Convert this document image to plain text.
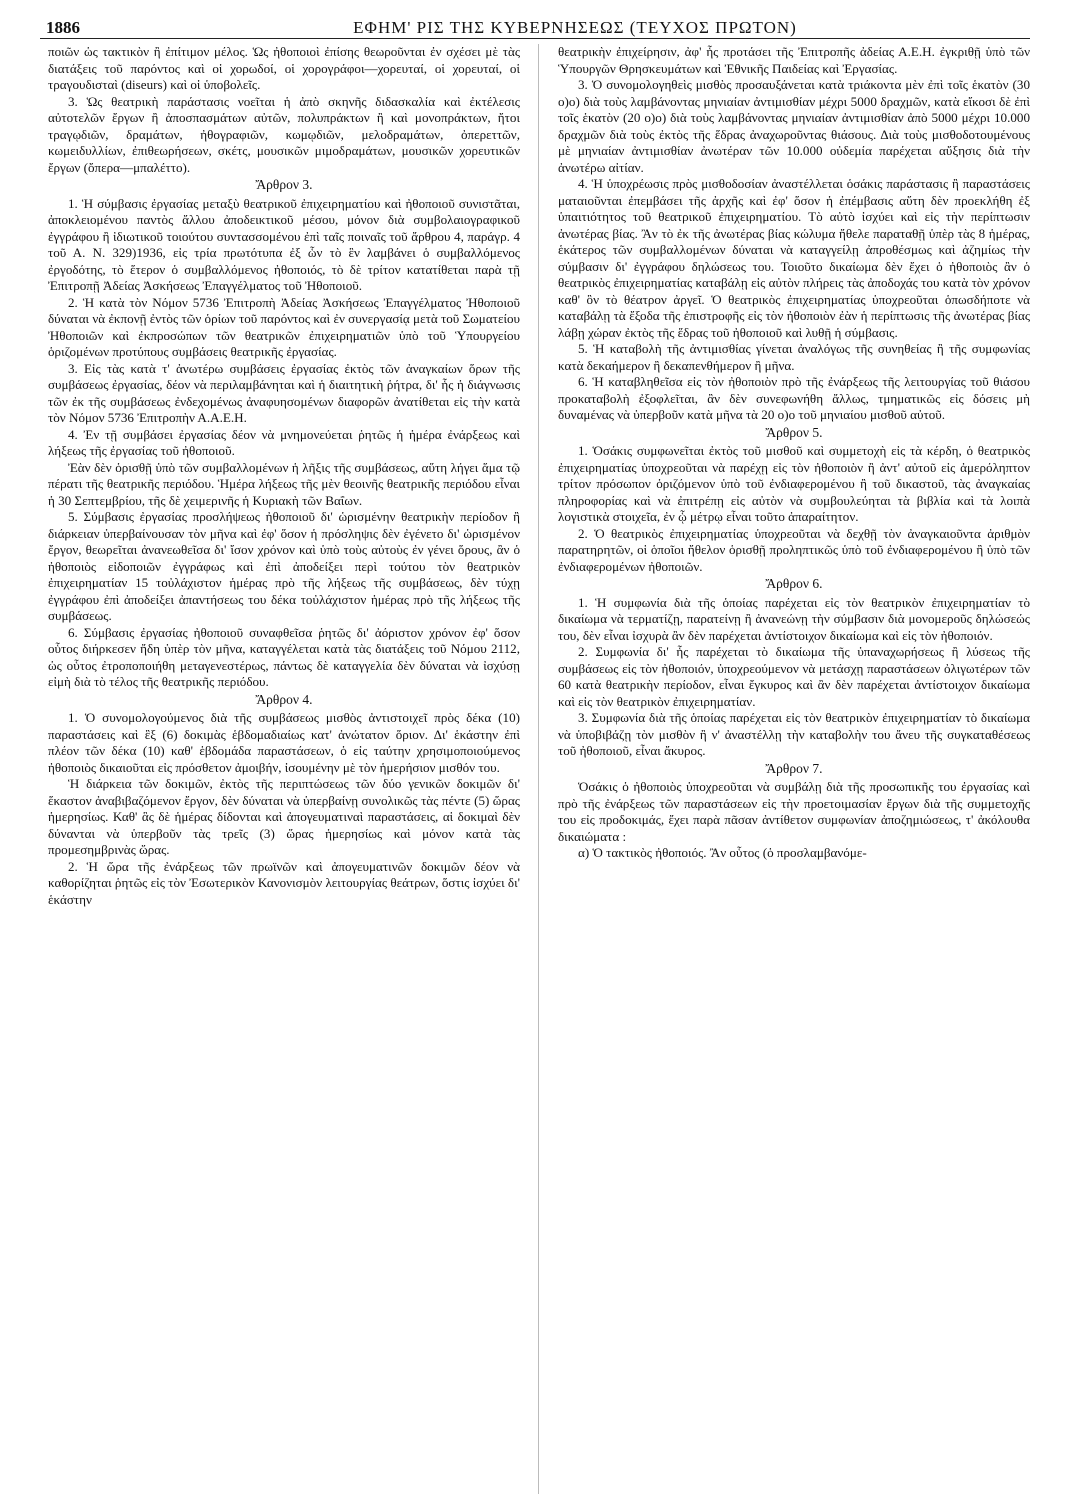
1886	ΕΦΗΜ' ΡΙΣ ΤΗΣ ΚΥΒΕΡΝΗΣΕΩΣ (ΤΕΥΧΟΣ ΠΡΩΤΟΝ)

ποιῶν ὡς τακτικὸν ἢ ἐπίτιμον μέλος. Ὡς ἠθοποιοὶ ἐπίσης θεωροῦνται ἐν σχέσει μὲ τὰς διατάξεις τοῦ παρόντος καὶ οἱ χορωδοί, οἱ χορογράφοι—χορευταί, οἱ χορευταί, οἱ τραγουδισταὶ (diseurs) καὶ οἱ ὑποβολεῖς.

3. Ὡς θεατρικὴ παράστασις νοεῖται ἡ ἀπὸ σκηνῆς διδασκαλία καὶ ἐκτέλεσις αὐτοτελῶν ἔργων ἢ ἀποσπασμάτων αὐτῶν, πολυπράκτων ἢ καὶ μονοπράκτων, ἤτοι τραγῳδιῶν, δραμάτων, ἠθογραφιῶν, κωμῳδιῶν, μελοδραμάτων, ὀπερεττῶν, κωμειδυλλίων, ἐπιθεωρήσεων, σκέτς, μουσικῶν μιμοδραμάτων, μουσικῶν χορευτικῶν ἔργων (ὄπερα—μπαλέττο).

Ἄρθρον 3.

1. Ἡ σύμβασις ἐργασίας μεταξὺ θεατρικοῦ ἐπιχειρηματίου καὶ ἠθοποιοῦ συνιστᾶται, ἀποκλειομένου παντὸς ἄλλου ἀποδεικτικοῦ μέσου, μόνον διὰ συμβολαιογραφικοῦ ἐγγράφου ἢ ἰδιωτικοῦ τοιούτου συντασσομένου ἐπὶ ταῖς ποιναῖς τοῦ ἄρθρου 4, παράγρ. 4 τοῦ Α. Ν. 329)1936, εἰς τρία πρωτότυπα ἐξ ὧν τὸ ἓν λαμβάνει ὁ συμβαλλόμενος ἐργοδότης, τὸ ἕτερον ὁ συμβαλλόμενος ἠθοποιός, τὸ δὲ τρίτον κατατίθεται παρὰ τῇ Ἐπιτροπῇ Ἀδείας Ἀσκήσεως Ἐπαγγέλματος τοῦ Ἠθοποιοῦ.

2. Ἡ κατὰ τὸν Νόμον 5736 Ἐπιτροπὴ Ἀδείας Ἀσκήσεως Ἐπαγγέλματος Ἠθοποιοῦ δύναται νὰ ἐκπονῇ ἐντὸς τῶν ὁρίων τοῦ παρόντος καὶ ἐν συνεργασίᾳ μετὰ τοῦ Σωματείου Ἠθοποιῶν καὶ ἐκπροσώπων τῶν θεατρικῶν ἐπιχειρηματιῶν ὑπὸ τοῦ Ὑπουργείου ὁριζομένων προτύπους συμβάσεις θεατρικῆς ἐργασίας.

3. Εἰς τὰς κατὰ τ' ἀνωτέρω συμβάσεις ἐργασίας ἐκτὸς τῶν ἀναγκαίων ὅρων τῆς συμβάσεως ἐργασίας, δέον νὰ περιλαμβάνηται καὶ ἡ διαιτητικὴ ῥήτρα, δι' ἧς ἡ διάγνωσις τῶν ἐκ τῆς συμβάσεως ἐνδεχομένως ἀναφυησομένων διαφορῶν ἀνατίθεται εἰς τὴν κατὰ τὸν Νόμον 5736 Ἐπιτροπὴν Α.Α.Ε.Η.

4. Ἐν τῇ συμβάσει ἐργασίας δέον νὰ μνημονεύεται ῥητῶς ἡ ἡμέρα ἐνάρξεως καὶ λήξεως τῆς ἐργασίας τοῦ ἠθοποιοῦ.

Ἐὰν δὲν ὁρισθῇ ὑπὸ τῶν συμβαλλομένων ἡ λῆξις τῆς συμβάσεως, αὕτη λήγει ἅμα τῷ πέρατι τῆς θεατρικῆς περιόδου. Ἡμέρα λήξεως τῆς μὲν θεοινῆς θεατρικῆς περιόδου εἶναι ἡ 30 Σεπτεμβρίου, τῆς δὲ χειμερινῆς ἡ Κυριακὴ τῶν Βαΐων.

5. Σύμβασις ἐργασίας προσλήψεως ἠθοποιοῦ δι' ὡρισμένην θεατρικὴν περίοδον ἢ διάρκειαν ὑπερβαίνουσαν τὸν μῆνα καὶ ἐφ' ὅσον ἡ πρόσληψις δὲν ἐγένετο δι' ὡρισμένον ἔργον, θεωρεῖται ἀνανεωθεῖσα δι' ἴσον χρόνον καὶ ὑπὸ τοὺς αὐτοὺς ἐν γένει ὅρους, ἂν ὁ ἠθοποιὸς εἰδοποιῶν ἐγγράφως καὶ ἐπὶ ἀποδείξει περὶ τούτου τὸν θεατρικὸν ἐπιχειρηματίαν 15 τοὐλάχιστον ἡμέρας πρὸ τῆς λήξεως τῆς συμβάσεως, δὲν τύχῃ ἐγγράφου ἐπὶ ἀποδείξει ἀπαντήσεως του δέκα τοὐλάχιστον ἡμέρας πρὸ τῆς λήξεως τῆς συμβάσεως.

6. Σύμβασις ἐργασίας ἠθοποιοῦ συναφθεῖσα ῥητῶς δι' ἀόριστον χρόνον ἐφ' ὅσον οὗτος διήρκεσεν ἤδη ὑπὲρ τὸν μῆνα, καταγγέλεται κατὰ τὰς διατάξεις τοῦ Νόμου 2112, ὡς οὗτος ἐτροποποιήθη μεταγενεστέρως, πάντως δὲ καταγγελία δὲν δύναται νὰ ἰσχύσῃ εἰμὴ διὰ τὸ τέλος τῆς θεατρικῆς περιόδου.

Ἄρθρον 4.

1. Ὁ συνομολογούμενος διὰ τῆς συμβάσεως μισθὸς ἀντιστοιχεῖ πρὸς δέκα (10) παραστάσεις καὶ ἓξ (6) δοκιμὰς ἑβδομαδιαίως κατ' ἀνώτατον ὅριον. Δι' ἑκάστην ἐπὶ πλέον τῶν δέκα (10) καθ' ἑβδομάδα παραστάσεων, ὁ εἰς ταύτην χρησιμοποιούμενος ἠθοποιὸς δικαιοῦται εἰς πρόσθετον ἀμοιβήν, ἰσουμένην μὲ τὸν ἡμερήσιον μισθόν του.

Ἡ διάρκεια τῶν δοκιμῶν, ἐκτὸς τῆς περιπτώσεως τῶν δύο γενικῶν δοκιμῶν δι' ἕκαστον ἀναβιβαζόμενον ἔργον, δὲν δύναται νὰ ὑπερβαίνῃ συνολικῶς τὰς πέντε (5) ὥρας ἡμερησίως. Καθ' ἃς δὲ ἡμέρας δίδονται καὶ ἀπογευματιναὶ παραστάσεις, αἱ δοκιμαὶ δὲν δύνανται νὰ ὑπερβοῦν τὰς τρεῖς (3) ὥρας ἡμερησίως καὶ μόνον κατὰ τὰς προμεσημβρινὰς ὥρας.

2. Ἡ ὥρα τῆς ἐνάρξεως τῶν πρωϊνῶν καὶ ἀπογευματινῶν δοκιμῶν δέον νὰ καθορίζηται ῥητῶς εἰς τὸν Ἐσωτερικὸν Κανονισμὸν λειτουργίας θεάτρων, ὅστις ἰσχύει δι' ἑκάστην

θεατρικὴν ἐπιχείρησιν, ἀφ' ἧς προτάσει τῆς Ἐπιτροπῆς ἀδείας Α.Ε.Η. ἐγκριθῇ ὑπὸ τῶν Ὑπουργῶν Θρησκευμάτων καὶ Ἐθνικῆς Παιδείας καὶ Ἐργασίας.

3. Ὁ συνομολογηθεὶς μισθὸς προσαυξάνεται κατὰ τριάκοντα μὲν ἐπὶ τοῖς ἑκατὸν (30 ο)ο) διὰ τοὺς λαμβάνοντας μηνιαίαν ἀντιμισθίαν μέχρι 5000 δραχμῶν, κατὰ εἴκοσι δὲ ἐπὶ τοῖς ἑκατὸν (20 ο)ο) διὰ τοὺς λαμβάνοντας μηνιαίαν ἀντιμισθίαν ἀπὸ 5000 μέχρι 10.000 δραχμῶν διὰ τοὺς ἐκτὸς τῆς ἕδρας ἀναχωροῦντας θιάσους. Διὰ τοὺς μισθοδοτουμένους μὲ μηνιαίαν ἀντιμισθίαν ἀνωτέραν τῶν 10.000 οὐδεμία παρέχεται αὔξησις διὰ τὴν ἀνωτέρω αἰτίαν.

4. Ἡ ὑποχρέωσις πρὸς μισθοδοσίαν ἀναστέλλεται ὁσάκις παράστασις ἢ παραστάσεις ματαιοῦνται ἐπεμβάσει τῆς ἀρχῆς καὶ ἐφ' ὅσον ἡ ἐπέμβασις αὕτη δὲν προεκλήθη ἐξ ὑπαιτιότητος τοῦ θεατρικοῦ ἐπιχειρηματίου. Τὸ αὐτὸ ἰσχύει καὶ εἰς τὴν περίπτωσιν ἀνωτέρας βίας. Ἂν τὸ ἐκ τῆς ἀνωτέρας βίας κώλυμα ἤθελε παραταθῇ ὑπὲρ τὰς 8 ἡμέρας, ἑκάτερος τῶν συμβαλλομένων δύναται νὰ καταγγείλῃ ἀπροθέσμως καὶ ἀζημίως τὴν σύμβασιν δι' ἐγγράφου δηλώσεως του. Τοιοῦτο δικαίωμα δὲν ἔχει ὁ ἠθοποιὸς ἂν ὁ θεατρικὸς ἐπιχειρηματίας καταβάλῃ εἰς αὐτὸν πλήρεις τὰς ἀποδοχάς του κατὰ τὸν χρόνον καθ' ὃν τὸ θέατρον ἀργεῖ. Ὁ θεατρικὸς ἐπιχειρηματίας ὑποχρεοῦται ὁπωσδήποτε νὰ καταβάλῃ τὰ ἔξοδα τῆς ἐπιστροφῆς εἰς τὸν ἠθοποιὸν ἐὰν ἡ περίπτωσις τῆς ἀνωτέρας βίας λάβῃ χώραν ἐκτὸς τῆς ἕδρας τοῦ ἠθοποιοῦ καὶ λυθῇ ἡ σύμβασις.

5. Ἡ καταβολὴ τῆς ἀντιμισθίας γίνεται ἀναλόγως τῆς συνηθείας ἢ τῆς συμφωνίας κατὰ δεκαήμερον ἢ δεκαπενθήμερον ἢ μῆνα.

6. Ἡ καταβληθεῖσα εἰς τὸν ἠθοποιὸν πρὸ τῆς ἐνάρξεως τῆς λειτουργίας τοῦ θιάσου προκαταβολὴ ἐξοφλεῖται, ἂν δὲν συνεφωνήθη ἄλλως, τμηματικῶς εἰς δόσεις μὴ δυναμένας νὰ ὑπερβοῦν κατὰ μῆνα τὰ 20 ο)ο τοῦ μηνιαίου μισθοῦ αὐτοῦ.

Ἄρθρον 5.

1. Ὁσάκις συμφωνεῖται ἐκτὸς τοῦ μισθοῦ καὶ συμμετοχὴ εἰς τὰ κέρδη, ὁ θεατρικὸς ἐπιχειρηματίας ὑποχρεοῦται νὰ παρέχῃ εἰς τὸν ἠθοποιὸν ἢ ἀντ' αὐτοῦ εἰς ἀμερόληπτον τρίτον πρόσωπον ὁριζόμενον ὑπὸ τοῦ ἐνδιαφερομένου ἢ τοῦ δικαστοῦ, τὰς ἀναγκαίας πληροφορίας καὶ νὰ ἐπιτρέπῃ εἰς αὐτὸν νὰ συμβουλεύηται τὰ βιβλία καὶ τὰ λοιπὰ λογιστικὰ στοιχεῖα, ἐν ᾧ μέτρῳ εἶναι τοῦτο ἀπαραίτητον.

2. Ὁ θεατρικὸς ἐπιχειρηματίας ὑποχρεοῦται νὰ δεχθῇ τὸν ἀναγκαιοῦντα ἀριθμὸν παρατηρητῶν, οἱ ὁποῖοι ἤθελον ὁρισθῇ προληπτικῶς ὑπὸ τοῦ ἐνδιαφερομένου ἢ ὑπὸ τῶν ἐνδιαφερομένων ἠθοποιῶν.

Ἄρθρον 6.

1. Ἡ συμφωνία διὰ τῆς ὁποίας παρέχεται εἰς τὸν θεατρικὸν ἐπιχειρηματίαν τὸ δικαίωμα νὰ τερματίζῃ, παρατείνῃ ἢ ἀνανεώνῃ τὴν σύμβασιν διὰ μονομεροῦς δηλώσεώς του, δὲν εἶναι ἰσχυρὰ ἂν δὲν παρέχεται ἀντίστοιχον δικαίωμα καὶ εἰς τὸν ἠθοποιόν.

2. Συμφωνία δι' ἧς παρέχεται τὸ δικαίωμα τῆς ὑπαναχωρήσεως ἢ λύσεως τῆς συμβάσεως εἰς τὸν ἠθοποιόν, ὑποχρεούμενον νὰ μετάσχῃ παραστάσεων ὀλιγωτέρων τῶν 60 κατὰ θεατρικὴν περίοδον, εἶναι ἔγκυρος καὶ ἂν δὲν παρέχεται ἀντίστοιχον δικαίωμα καὶ εἰς τὸν θεατρικὸν ἐπιχειρηματίαν.

3. Συμφωνία διὰ τῆς ὁποίας παρέχεται εἰς τὸν θεατρικὸν ἐπιχειρηματίαν τὸ δικαίωμα νὰ ὑποβιβάζῃ τὸν μισθὸν ἢ ν' ἀναστέλλῃ τὴν καταβολὴν του ἄνευ τῆς συγκαταθέσεως τοῦ ἠθοποιοῦ, εἶναι ἄκυρος.

Ἄρθρον 7.

Ὁσάκις ὁ ἠθοποιὸς ὑποχρεοῦται νὰ συμβάλῃ διὰ τῆς προσωπικῆς του ἐργασίας καὶ πρὸ τῆς ἐνάρξεως τῶν παραστάσεων εἰς τὴν προετοιμασίαν ἔργων διὰ τῆς συμμετοχῆς του εἰς προδοκιμάς, ἔχει παρὰ πᾶσαν ἀντίθετον συμφωνίαν ἀποζημιώσεως, τ' ἀκόλουθα δικαιώματα :

α) Ὁ τακτικὸς ἠθοποιός. Ἂν οὗτος (ὁ προσλαμβανόμε-
